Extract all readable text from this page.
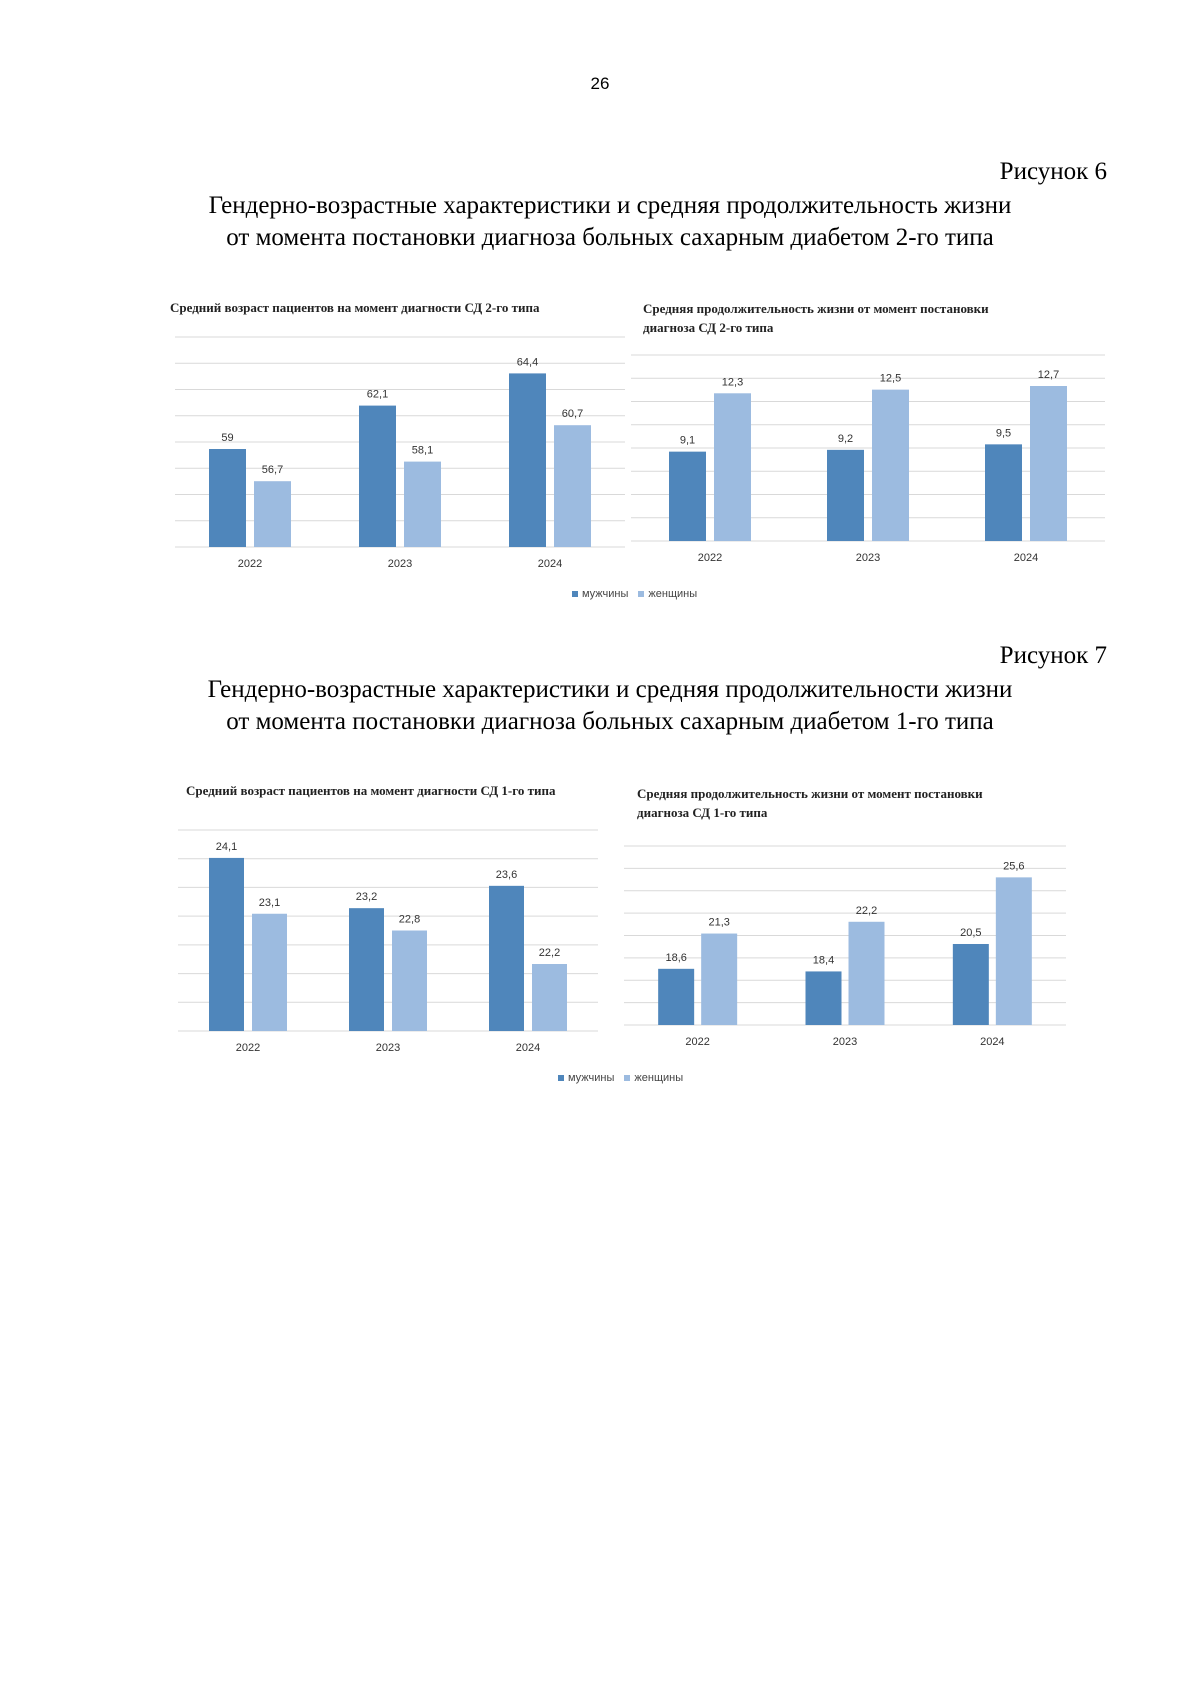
26
Рисунок 6
Гендерно-возрастные характеристики и средняя продолжительность жизни
от момента постановки диагноза больных сахарным диабетом 2-го типа
Средний возраст пациентов на момент диагности СД 2-го типа
59
56,7
2022
62,1
58,1
2023
64,4
60,7
2024
Средняя продолжительность жизни от момент постановки
диагноза СД 2-го типа
9,1
12,3
2022
9,2
12,5
2023
9,5
12,7
2024
мужчины женщины
Рисунок 7
Гендерно-возрастные характеристики и средняя продолжительности жизни
от момента постановки диагноза больных сахарным диабетом 1-го типа
Средний возраст пациентов на момент диагности СД 1-го типа
24,1
23,1
2022
23,2
22,8
2023
23,6
22,2
2024
Средняя продолжительность жизни от момент постановки
диагноза СД 1-го типа
18,6
21,3
2022
18,4
22,2
2023
20,5
25,6
2024
мужчины женщины
